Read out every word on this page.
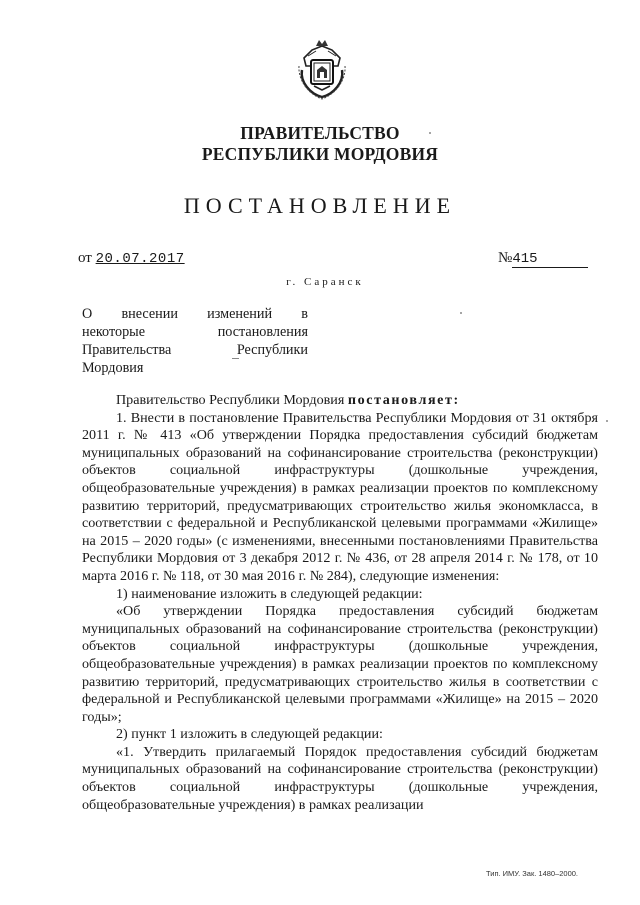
ПРАВИТЕЛЬСТВО
РЕСПУБЛИКИ МОРДОВИЯ
ПОСТАНОВЛЕНИЕ
от 20.07.2017	№415
г. Саранск
О внесении изменений в
некоторые постановления
Правительства Республики
Мордовия

Правительство Республики Мордовия постановляет:

1. Внести в постановление Правительства Республики Мордовия от 31 октября 2011 г. № 413 «Об утверждении Порядка предоставления субсидий бюджетам муниципальных образований на софинансирование строительства (реконструкции) объектов социальной инфраструктуры (дошкольные учреждения, общеобразовательные учреждения) в рамках реализации проектов по комплексному развитию территорий, предусматривающих строительство жилья экономкласса, в соответствии с федеральной и Республиканской целевыми программами «Жилище» на 2015 – 2020 годы» (с изменениями, внесенными постановлениями Правительства Республики Мордовия от 3 декабря 2012 г. № 436, от 28 апреля 2014 г. № 178, от 10 марта 2016 г. № 118, от 30 мая 2016 г. № 284), следующие изменения:

1) наименование изложить в следующей редакции:

«Об утверждении Порядка предоставления субсидий бюджетам муниципальных образований на софинансирование строительства (реконструкции) объектов социальной инфраструктуры (дошкольные учреждения, общеобразовательные учреждения) в рамках реализации проектов по комплексному развитию территорий, предусматривающих строительство жилья в соответствии с федеральной и Республиканской целевыми программами «Жилище» на 2015 – 2020 годы»;

2) пункт 1 изложить в следующей редакции:

«1. Утвердить прилагаемый Порядок предоставления субсидий бюджетам муниципальных образований на софинансирование строительства (реконструкции) объектов социальной инфраструктуры (дошкольные учреждения, общеобразовательные учреждения) в рамках реализации

Тип. ИМУ. Зак. 1480–2000.
